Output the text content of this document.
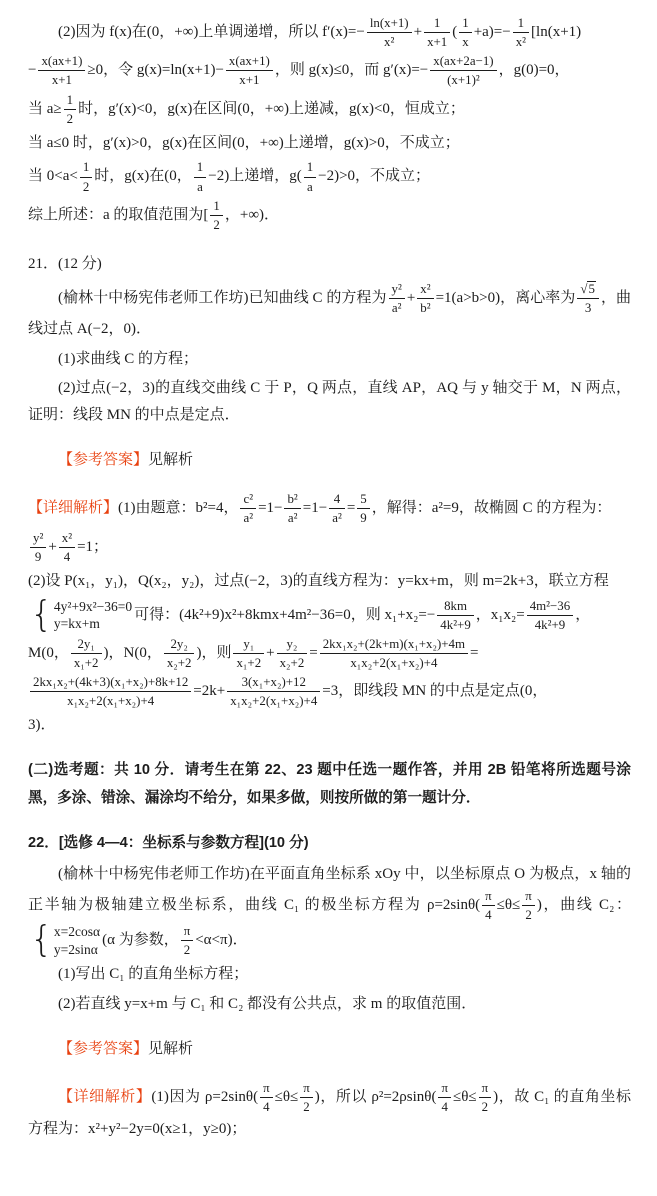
(2)因为 f(x)在(0，+∞)上单调递增，所以 $f'(x)=- \frac{\ln(x+1)}{\text{x²}} + \frac{1}{x+1}$ ( $\frac{1}{x} +a)=- \frac{1}{\text{x²}} [\ln(x+1)$
− $\frac{x(ax+1)}{x+1} \ge 0$，令 $g(x)=\ln(x+1)- \frac{x(ax+1)}{x+1}$ ，则 g(x)≤0，而 $g'(x)=- \frac{x(ax+2a-1)}{\text{(x+1)²}}$ ，g(0)=0，
当 $a\ge \frac{1}{2}$ 时，g′(x)<0，g(x)在区间(0，+∞)上递减，g(x)<0，恒成立；
当 a≤0 时，g′(x)>0，g(x)在区间(0，+∞)上递增，g(x)>0，不成立；
当 $0<a< \frac{1}{2}$ 时，g(x)在(0， $\frac{1}{a} -2$)上递增，$g( \frac{1}{a} -2)>0$，不成立；
综上所述：a 的取值范围为[ $\frac{1}{2}$ ，+∞)．
21．(12 分)
(榆林十中杨宪伟老师工作坊)已知曲线 C 的方程为 $\frac{\text{y²}}{\text{a²}} + \frac{\text{x²}}{\text{b²}} =1(a>b>0)$，离心率为 $\frac{√5}{3}$ ，曲线过点 A(−2，0)．
(1)求曲线 C 的方程；
(2)过点(−2，3)的直线交曲线 C 于 P，Q 两点，直线 AP，AQ 与 y 轴交于 M，N 两点，证明：线段 MN 的中点是定点．
【参考答案】见解析
【详细解析】(1)由题意：b²=4， $\frac{\text{c²}}{\text{a²}} =1- \frac{\text{b²}}{\text{a²}} =1- \frac{4}{\text{a²}} = \frac{5}{9}$ ，解得：a²=9，故椭圆 C 的方程为：
$\frac{\text{y²}}{9} + \frac{\text{x²}}{4} =1$；
(2)设 P(x₁，y₁)，Q(x₂，y₂)，过点(−2，3)的直线方程为：y=kx+m，则 m=2k+3，联立方程
{ 4y²+9x²−36=0
y=kx+m
可得：(4k²+9)x²+8kmx+4m²−36=0，则 $x_1+x_2=- \frac{8km}{\text{4k²+9}}$ ，$x_1x_2= \frac{\text{4m²−36}}{\text{4k²+9}}$ ，
M(0， $\frac{\text{2y₁}}{\text{x₁+2}}$ )，N(0， $\frac{\text{2y₂}}{\text{x₂+2}}$ )，则 $\frac{\text{y₁}}{\text{x₁+2}} + \frac{\text{y₂}}{\text{x₂+2}} = \frac{\text{2kx₁x₂+(2k+m)(x₁+x₂)+4m}}{\text{x₁x₂+2(x₁+x₂)+4}}$ =
$\frac{\text{2kx₁x₂+(4k+3)(x₁+x₂)+8k+12}}{\text{x₁x₂+2(x₁+x₂)+4}} =2k+ \frac{\text{3(x₁+x₂)+12}}{\text{x₁x₂+2(x₁+x₂)+4}} =3$，即线段 MN 的中点是定点(0，
3)．
(二)选考题：共 10 分．请考生在第 22、23 题中任选一题作答，并用 2B 铅笔将所选题号涂黑，多涂、错涂、漏涂均不给分，如果多做，则按所做的第一题计分．
22．[选修 4—4：坐标系与参数方程](10 分)
(榆林十中杨宪伟老师工作坊)在平面直角坐标系 xOy 中，以坐标原点 O 为极点，x 轴的正半轴为极轴建立极坐标系，曲线 C₁ 的极坐标方程为 $\rho=2\sin\theta( \frac{\pi}{4} \le\theta\le \frac{\pi}{2}$ )，曲线 C₂：
{ x=2cosα
y=2sinα
(α 为参数， $\frac{\pi}{2} <\alpha<\pi$)．
(1)写出 C₁ 的直角坐标方程；
(2)若直线 y=x+m 与 C₁ 和 C₂ 都没有公共点，求 m 的取值范围．
【参考答案】见解析
【详细解析】(1)因为 $\rho=2\sin\theta( \frac{\pi}{4} \le\theta\le \frac{\pi}{2}$ )，所以 $\rho^2=2\rho\sin\theta( \frac{\pi}{4} \le\theta\le \frac{\pi}{2}$ )，故 C₁ 的直角坐标方程为：x²+y²−2y=0(x≥1，y≥0)；
